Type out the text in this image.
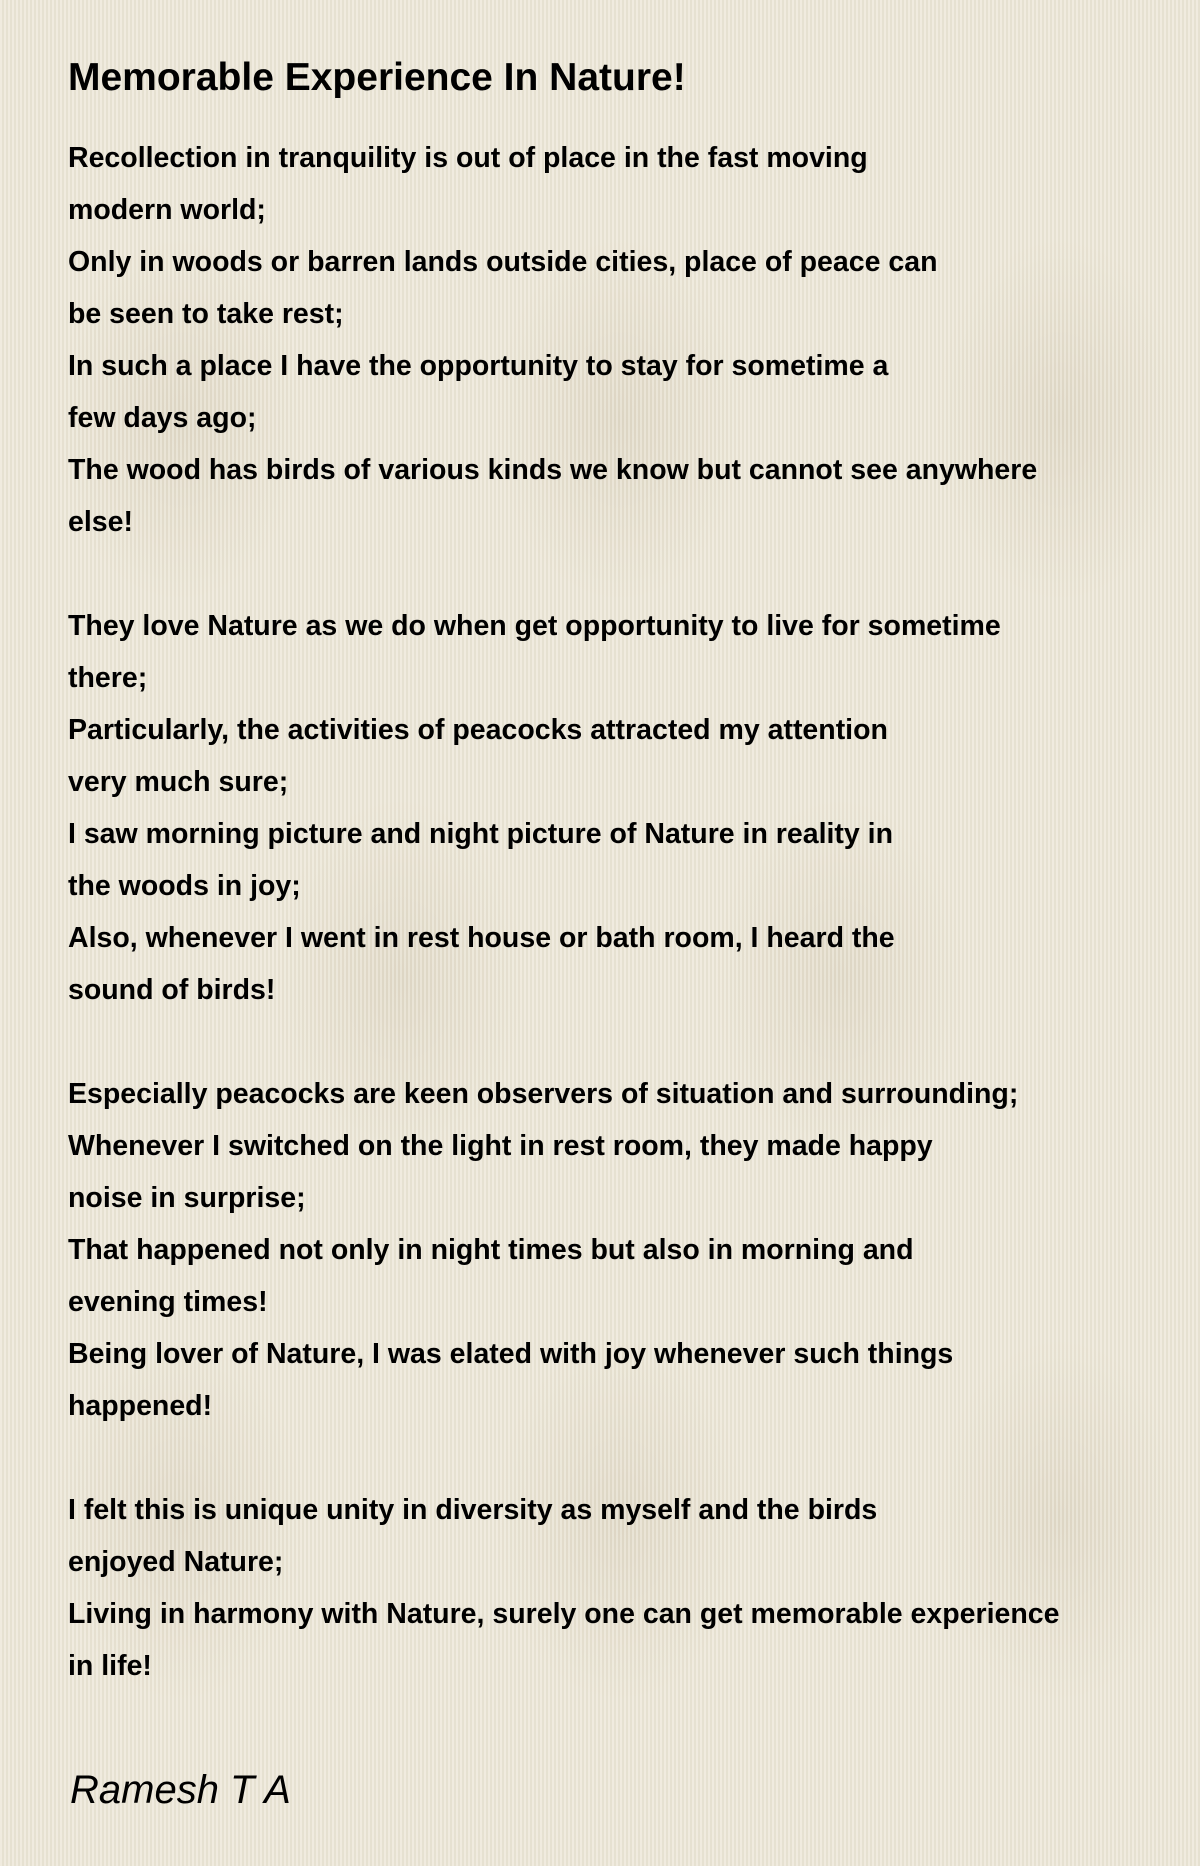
Memorable Experience In Nature!
Recollection in tranquility is out of place in the fast moving
modern world;
Only in woods or barren lands outside cities, place of peace can
be seen to take rest;
In such a place I have the opportunity to stay for sometime a
few days ago;
The wood has birds of various kinds we know but cannot see anywhere
else!
They love Nature as we do when get opportunity to live for sometime
there;
Particularly, the activities of peacocks attracted my attention
very much sure;
I saw morning picture and night picture of Nature in reality in
the woods in joy;
Also, whenever I went in rest house or bath room, I heard the
sound of birds!
Especially peacocks are keen observers of situation and surrounding;
Whenever I switched on the light in rest room, they made happy
noise in surprise;
That happened not only in night times but also in morning and
evening times!
Being lover of Nature, I was elated with joy whenever such things
happened!
I felt this is unique unity in diversity as myself and the birds
enjoyed Nature;
Living in harmony with Nature, surely one can get memorable experience
in life!
Ramesh T A
